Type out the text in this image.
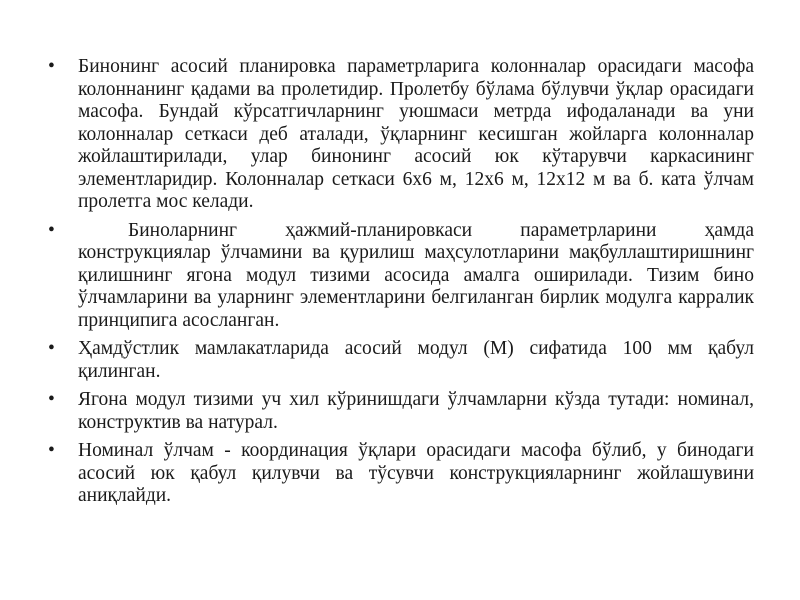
• Бинонинг асосий планировка параметрларига колонналар орасидаги масофа колоннанинг қадами ва пролетидир. Пролетбу бўлама бўлувчи ўқлар орасидаги масофа. Бундай кўрсатгичларнинг уюшмаси метрда ифодаланади ва уни колонналар сеткаси деб аталади, ўқларнинг кесишган жойларга колонналар жойлаштирилади, улар бинонинг асосий юк кўтарувчи каркасининг элементларидир. Колонналар сеткаси 6х6 м, 12х6 м, 12х12 м ва б. ката ўлчам пролетга мос келади.
•	Биноларнинг ҳажмий-планировкаси параметрларини ҳамда конструкциялар ўлчамини ва қурилиш маҳсулотларини мақбуллаштиришнинг қилишнинг ягона модул тизими асосида амалга оширилади. Тизим бино ўлчамларини ва уларнинг элементларини белгиланган бирлик модулга карралик принципига асосланган.
• Ҳамдўстлик мамлакатларида асосий модул (М) сифатида 100 мм қабул қилинган.
• Ягона модул тизими уч хил кўринишдаги ўлчамларни кўзда тутади: номинал, конструктив ва натурал.
• Номинал ўлчам - координация ўқлари орасидаги масофа бўлиб, у бинодаги асосий юк қабул қилувчи ва тўсувчи конструкцияларнинг жойлашувини аниқлайди.
